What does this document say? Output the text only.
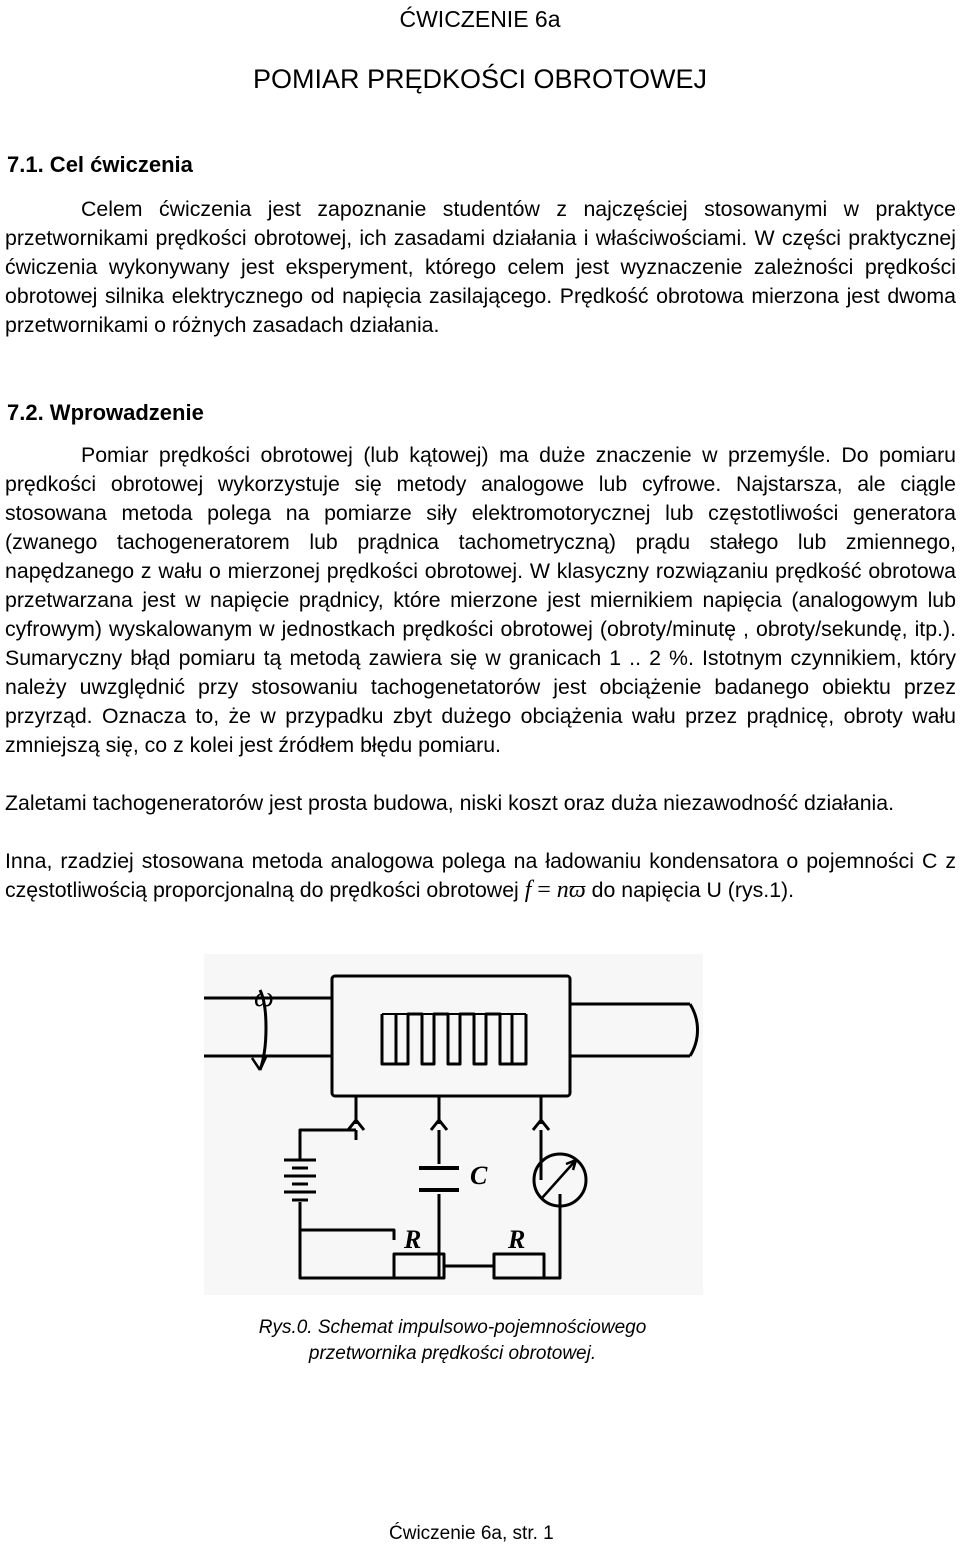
ĆWICZENIE 6a
POMIAR PRĘDKOŚCI OBROTOWEJ
7.1. Cel ćwiczenia
Celem ćwiczenia jest zapoznanie studentów z najczęściej stosowanymi w praktyce przetwornikami prędkości obrotowej, ich zasadami działania i właściwościami. W części praktycznej ćwiczenia wykonywany jest eksperyment, którego celem jest wyznaczenie zależności prędkości obrotowej silnika elektrycznego od napięcia zasilającego. Prędkość obrotowa mierzona jest dwoma przetwornikami o różnych zasadach działania.
7.2. Wprowadzenie
Pomiar prędkości obrotowej (lub kątowej) ma duże znaczenie w przemyśle. Do pomiaru prędkości obrotowej wykorzystuje się metody analogowe lub cyfrowe. Najstarsza, ale ciągle stosowana metoda polega na pomiarze siły elektromotorycznej lub częstotliwości generatora (zwanego tachogeneratorem lub prądnica tachometryczną) prądu stałego lub zmiennego, napędzanego z wału o mierzonej prędkości obrotowej. W klasyczny rozwiązaniu prędkość obrotowa przetwarzana jest w napięcie prądnicy, które mierzone jest miernikiem napięcia (analogowym lub cyfrowym) wyskalowanym w jednostkach prędkości obrotowej (obroty/minutę , obroty/sekundę, itp.). Sumaryczny błąd pomiaru tą metodą zawiera się w granicach 1 .. 2 %. Istotnym czynnikiem, który należy uwzględnić przy stosowaniu tachogenetatorów jest obciążenie badanego obiektu przez przyrząd. Oznacza to, że w przypadku zbyt dużego obciążenia wału przez prądnicę, obroty wału zmniejszą się, co z kolei jest źródłem błędu pomiaru.
Zaletami tachogeneratorów jest prosta budowa, niski koszt oraz duża niezawodność działania.
Inna, rzadziej stosowana metoda analogowa polega na ładowaniu kondensatora o pojemności C z częstotliwością proporcjonalną do prędkości obrotowej f = nϖ do napięcia U (rys.1).
ω
C
R	R
Rys.0. Schemat impulsowo-pojemnościowego
przetwornika prędkości obrotowej.
Ćwiczenie 6a, str. 1
